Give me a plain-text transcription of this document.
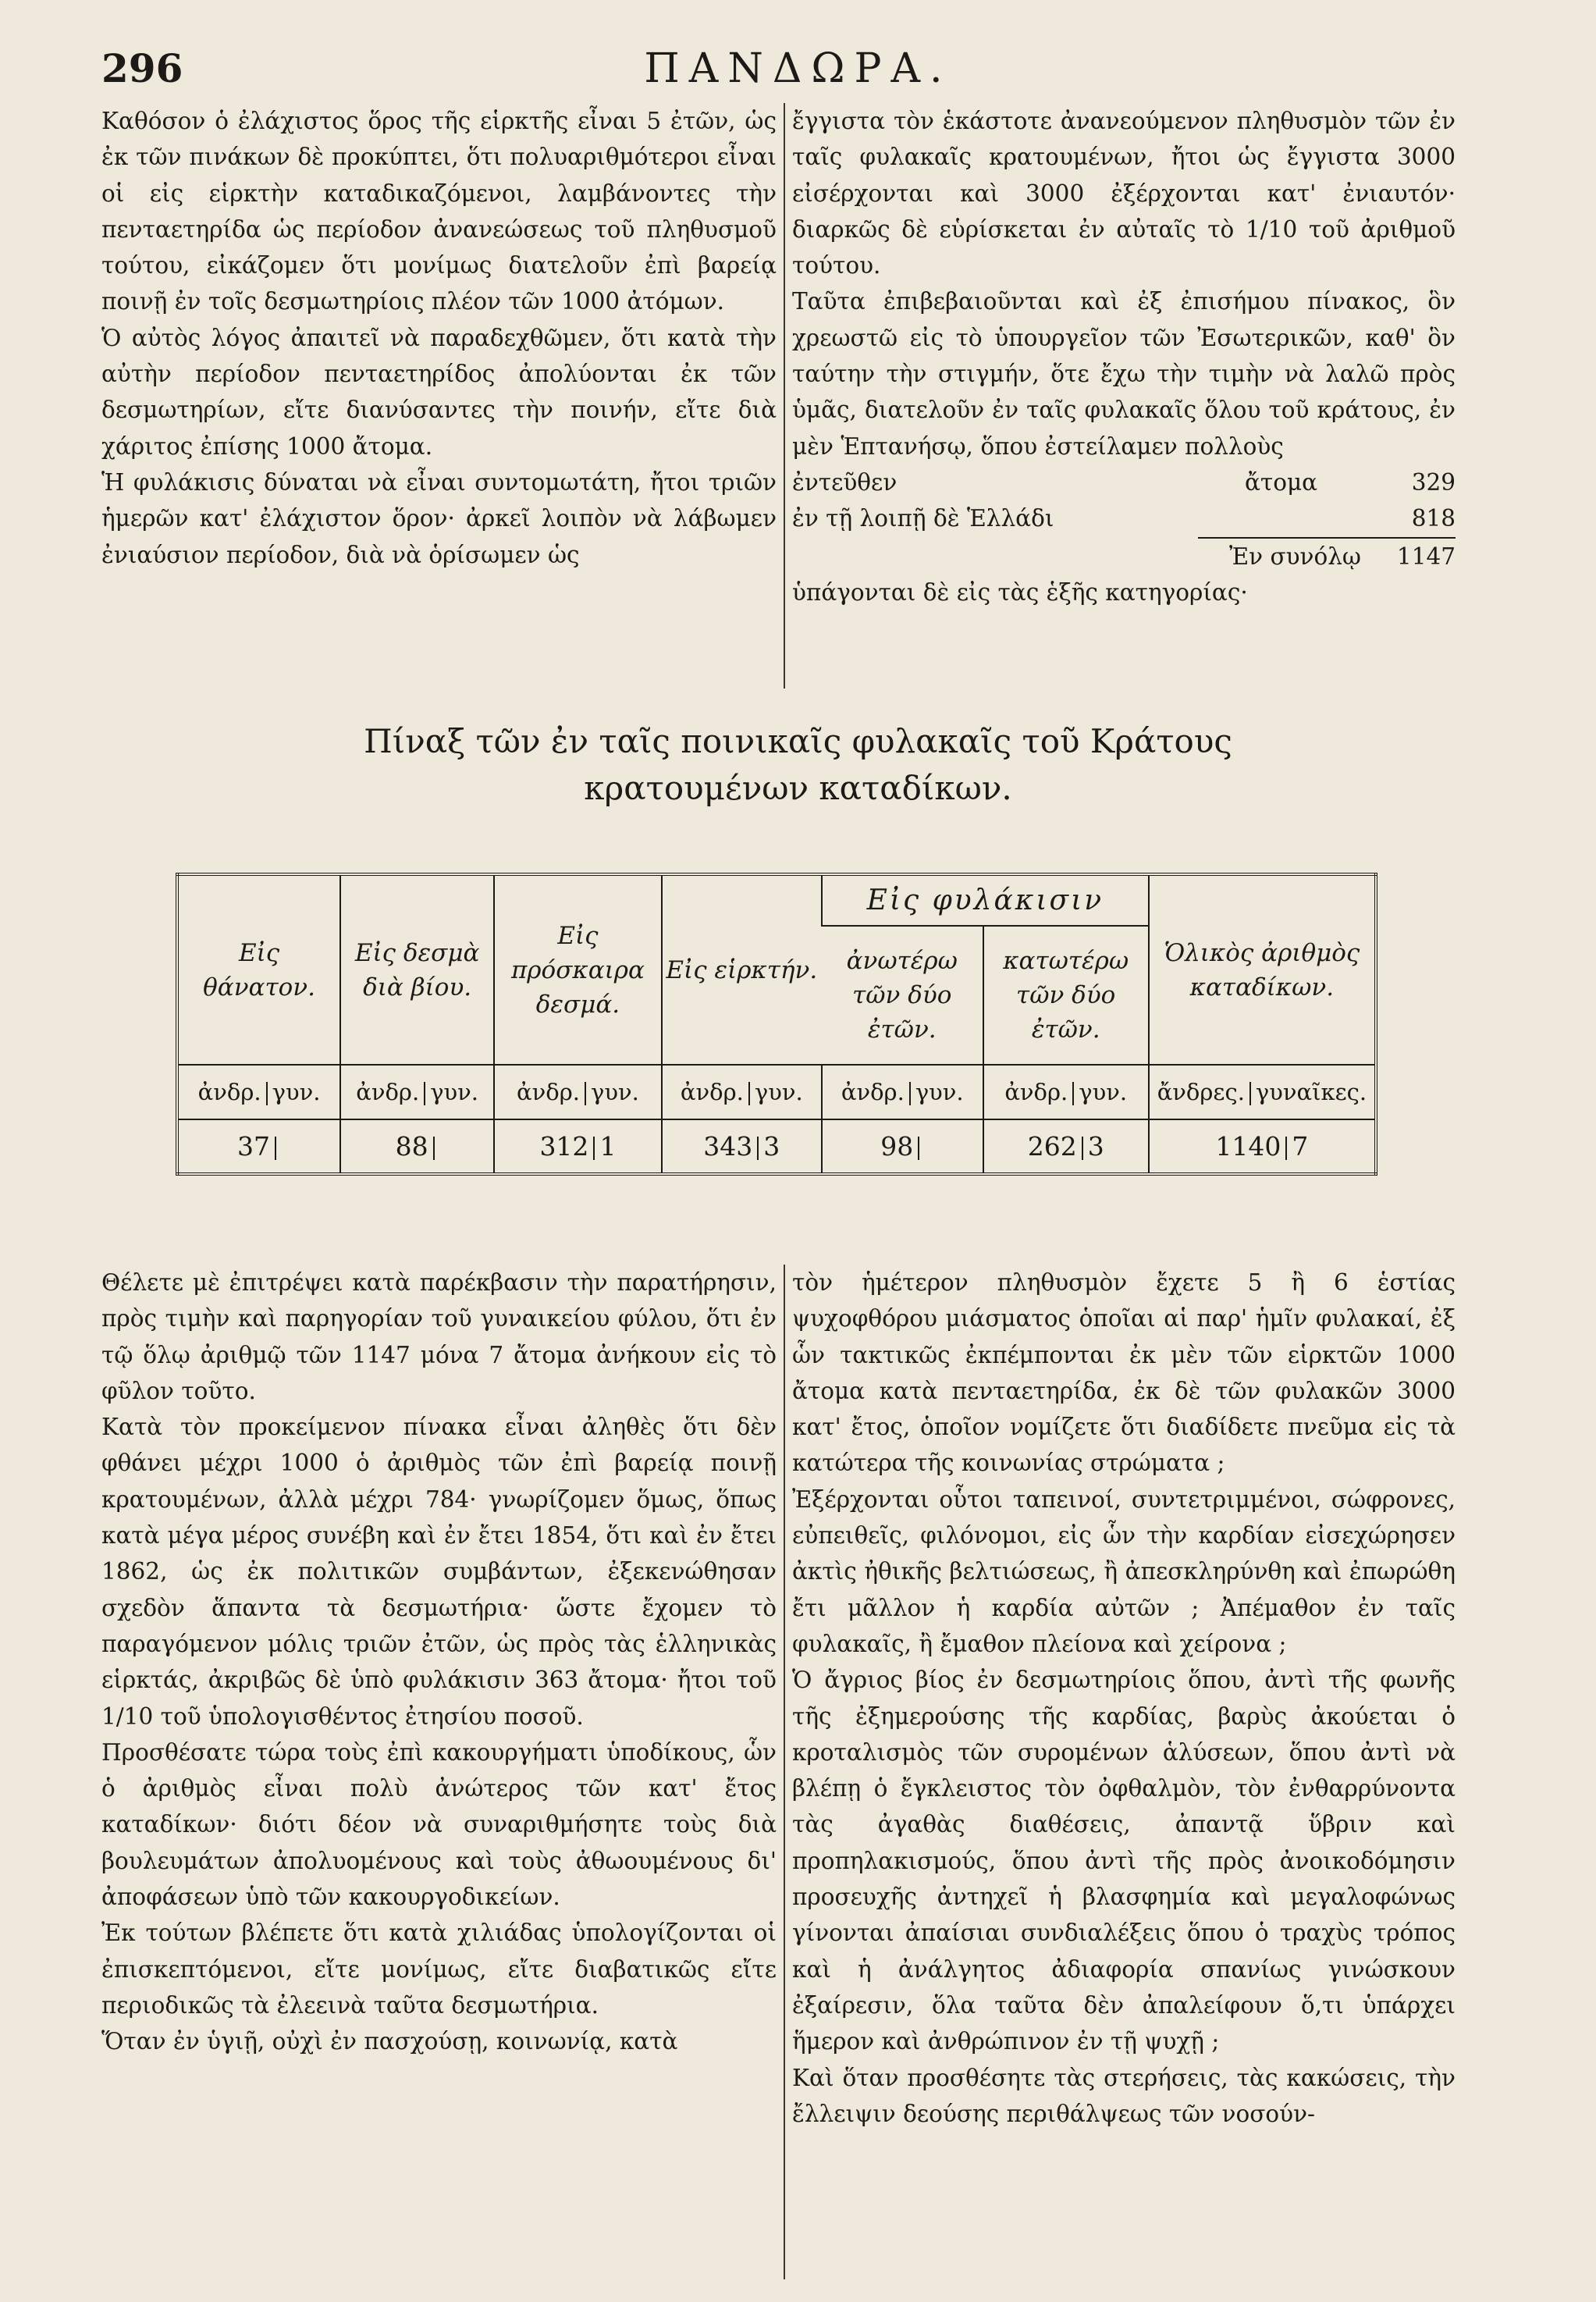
296	ΠΑΝΔΩΡΑ.

Καθόσον ὁ ἐλάχιστος ὅρος τῆς εἱρκτῆς εἶναι 5 ἐτῶν, ὡς ἐκ τῶν πινάκων δὲ προκύπτει, ὅτι πολυαριθμότεροι εἶναι οἱ εἰς εἱρκτὴν καταδικαζόμενοι, λαμβάνοντες τὴν πενταετηρίδα ὡς περίοδον ἀνανεώσεως τοῦ πληθυσμοῦ τούτου, εἰκάζομεν ὅτι μονίμως διατελοῦν ἐπὶ βαρείᾳ ποινῇ ἐν τοῖς δεσμωτηρίοις πλέον τῶν 1000 ἀτόμων.

Ὁ αὐτὸς λόγος ἀπαιτεῖ νὰ παραδεχθῶμεν, ὅτι κατὰ τὴν αὐτὴν περίοδον πενταετηρίδος ἀπολύονται ἐκ τῶν δεσμωτηρίων, εἴτε διανύσαντες τὴν ποινήν, εἴτε διὰ χάριτος ἐπίσης 1000 ἄτομα.

Ἡ φυλάκισις δύναται νὰ εἶναι συντομωτάτη, ἤτοι τριῶν ἡμερῶν κατ' ἐλάχιστον ὅρον· ἀρκεῖ λοιπὸν νὰ λάβωμεν ἐνιαύσιον περίοδον, διὰ νὰ ὁρίσωμεν ὡς

ἔγγιστα τὸν ἑκάστοτε ἀνανεούμενον πληθυσμὸν τῶν ἐν ταῖς φυλακαῖς κρατουμένων, ἤτοι ὡς ἔγγιστα 3000 εἰσέρχονται καὶ 3000 ἐξέρχονται κατ' ἐνιαυτόν· διαρκῶς δὲ εὑρίσκεται ἐν αὐταῖς τὸ 1/10 τοῦ ἀριθμοῦ τούτου.

Ταῦτα ἐπιβεβαιοῦνται καὶ ἐξ ἐπισήμου πίνακος, ὃν χρεωστῶ εἰς τὸ ὑπουργεῖον τῶν Ἐσωτερικῶν, καθ' ὃν ταύτην τὴν στιγμήν, ὅτε ἔχω τὴν τιμὴν νὰ λαλῶ πρὸς ὑμᾶς, διατελοῦν ἐν ταῖς φυλακαῖς ὅλου τοῦ κράτους, ἐν μὲν Ἑπτανήσῳ, ὅπου ἐστείλαμεν πολλοὺς

ἐντεῦθεν	ἄτομα	329
ἐν τῇ λοιπῇ δὲ Ἑλλάδι	818
Ἐν συνόλῳ	1147

ὑπάγονται δὲ εἰς τὰς ἑξῆς κατηγορίας·

Πίναξ τῶν ἐν ταῖς ποινικαῖς φυλακαῖς τοῦ Κράτους
κρατουμένων καταδίκων.
Εἰς θάνατον.	Εἰς δεσμὰ διὰ βίου.	Εἰς πρόσκαιρα δεσμά.	Εἰς εἱρκτήν.	Εἰς φυλάκισιν		Ὁλικὸς ἀριθμὸς καταδίκων.
				ἀνωτέρω τῶν δύο ἐτῶν.	κατωτέρω τῶν δύο ἐτῶν.	
ἀνδρ. γυν.	ἀνδρ. γυν.	ἀνδρ. γυν.	ἀνδρ. γυν.	ἀνδρ. γυν.	ἀνδρ. γυν.	ἄνδρες. γυναῖκες.
37	88	312 1	343 3	98	262 3	1140 7

Θέλετε μὲ ἐπιτρέψει κατὰ παρέκβασιν τὴν παρατήρησιν, πρὸς τιμὴν καὶ παρηγορίαν τοῦ γυναικείου φύλου, ὅτι ἐν τῷ ὅλῳ ἀριθμῷ τῶν 1147 μόνα 7 ἄτομα ἀνήκουν εἰς τὸ φῦλον τοῦτο.

Κατὰ τὸν προκείμενον πίνακα εἶναι ἀληθὲς ὅτι δὲν φθάνει μέχρι 1000 ὁ ἀριθμὸς τῶν ἐπὶ βαρείᾳ ποινῇ κρατουμένων, ἀλλὰ μέχρι 784· γνωρίζομεν ὅμως, ὅπως κατὰ μέγα μέρος συνέβη καὶ ἐν ἔτει 1854, ὅτι καὶ ἐν ἔτει 1862, ὡς ἐκ πολιτικῶν συμβάντων, ἐξεκενώθησαν σχεδὸν ἅπαντα τὰ δεσμωτήρια· ὥστε ἔχομεν τὸ παραγόμενον μόλις τριῶν ἐτῶν, ὡς πρὸς τὰς ἑλληνικὰς εἱρκτάς, ἀκριβῶς δὲ ὑπὸ φυλάκισιν 363 ἄτομα· ἤτοι τοῦ 1/10 τοῦ ὑπολογισθέντος ἐτησίου ποσοῦ.

Προσθέσατε τώρα τοὺς ἐπὶ κακουργήματι ὑποδίκους, ὧν ὁ ἀριθμὸς εἶναι πολὺ ἀνώτερος τῶν κατ' ἔτος καταδίκων· διότι δέον νὰ συναριθμήσητε τοὺς διὰ βουλευμάτων ἀπολυομένους καὶ τοὺς ἀθωουμένους δι' ἀποφάσεων ὑπὸ τῶν κακουργοδικείων.

Ἐκ τούτων βλέπετε ὅτι κατὰ χιλιάδας ὑπολογίζονται οἱ ἐπισκεπτόμενοι, εἴτε μονίμως, εἴτε διαβατικῶς εἴτε περιοδικῶς τὰ ἐλεεινὰ ταῦτα δεσμωτήρια.

Ὅταν ἐν ὑγιῇ, οὐχὶ ἐν πασχούσῃ, κοινωνίᾳ, κατὰ

τὸν ἡμέτερον πληθυσμὸν ἔχετε 5 ἢ 6 ἑστίας ψυχοφθόρου μιάσματος ὁποῖαι αἱ παρ' ἡμῖν φυλακαί, ἐξ ὧν τακτικῶς ἐκπέμπονται ἐκ μὲν τῶν εἱρκτῶν 1000 ἄτομα κατὰ πενταετηρίδα, ἐκ δὲ τῶν φυλακῶν 3000 κατ' ἔτος, ὁποῖον νομίζετε ὅτι διαδίδετε πνεῦμα εἰς τὰ κατώτερα τῆς κοινωνίας στρώματα ;

Ἐξέρχονται οὗτοι ταπεινοί, συντετριμμένοι, σώφρονες, εὐπειθεῖς, φιλόνομοι, εἰς ὧν τὴν καρδίαν εἰσεχώρησεν ἀκτὶς ἠθικῆς βελτιώσεως, ἢ ἀπεσκληρύνθη καὶ ἐπωρώθη ἔτι μᾶλλον ἡ καρδία αὐτῶν ; Ἀπέμαθον ἐν ταῖς φυλακαῖς, ἢ ἔμαθον πλείονα καὶ χείρονα ;

Ὁ ἄγριος βίος ἐν δεσμωτηρίοις ὅπου, ἀντὶ τῆς φωνῆς τῆς ἐξημερούσης τῆς καρδίας, βαρὺς ἀκούεται ὁ κροταλισμὸς τῶν συρομένων ἁλύσεων, ὅπου ἀντὶ νὰ βλέπῃ ὁ ἔγκλειστος τὸν ὀφθαλμὸν, τὸν ἐνθαρρύνοντα τὰς ἀγαθὰς διαθέσεις, ἀπαντᾷ ὕβριν καὶ προπηλακισμούς, ὅπου ἀντὶ τῆς πρὸς ἀνοικοδόμησιν προσευχῆς ἀντηχεῖ ἡ βλασφημία καὶ μεγαλοφώνως γίνονται ἀπαίσιαι συνδιαλέξεις ὅπου ὁ τραχὺς τρόπος καὶ ἡ ἀνάλγητος ἀδιαφορία σπανίως γινώσκουν ἐξαίρεσιν, ὅλα ταῦτα δὲν ἀπαλείφουν ὅ,τι ὑπάρχει ἥμερον καὶ ἀνθρώπινον ἐν τῇ ψυχῇ ;

Καὶ ὅταν προσθέσητε τὰς στερήσεις, τὰς κακώσεις, τὴν ἔλλειψιν δεούσης περιθάλψεως τῶν νοσούν-
